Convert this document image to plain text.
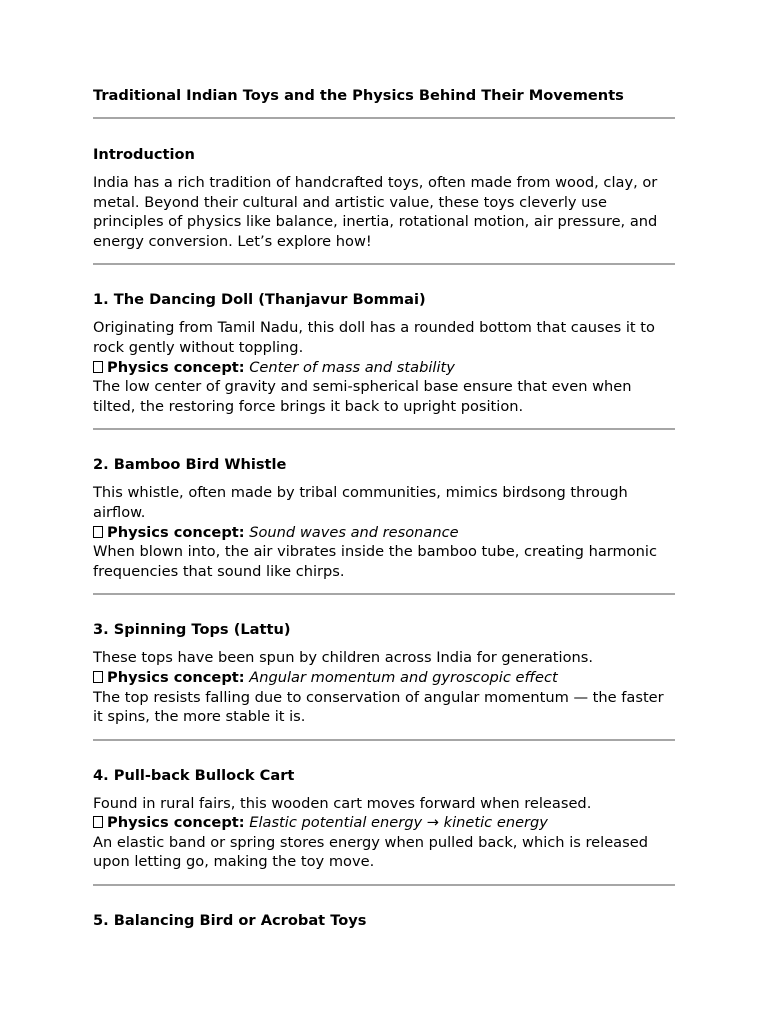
Traditional Indian Toys and the Physics Behind Their Movements

Introduction

India has a rich tradition of handcrafted toys, often made from wood, clay, or metal. Beyond their cultural and artistic value, these toys cleverly use principles of physics like balance, inertia, rotational motion, air pressure, and energy conversion. Let’s explore how!

1. The Dancing Doll (Thanjavur Bommai)

Originating from Tamil Nadu, this doll has a rounded bottom that causes it to rock gently without toppling.

Physics concept: Center of mass and stability

The low center of gravity and semi-spherical base ensure that even when tilted, the restoring force brings it back to upright position.

2. Bamboo Bird Whistle

This whistle, often made by tribal communities, mimics birdsong through airflow.

Physics concept: Sound waves and resonance

When blown into, the air vibrates inside the bamboo tube, creating harmonic frequencies that sound like chirps.

3. Spinning Tops (Lattu)

These tops have been spun by children across India for generations.

Physics concept: Angular momentum and gyroscopic effect

The top resists falling due to conservation of angular momentum — the faster it spins, the more stable it is.

4. Pull-back Bullock Cart

Found in rural fairs, this wooden cart moves forward when released.

Physics concept: Elastic potential energy → kinetic energy

An elastic band or spring stores energy when pulled back, which is released upon letting go, making the toy move.

5. Balancing Bird or Acrobat Toys
